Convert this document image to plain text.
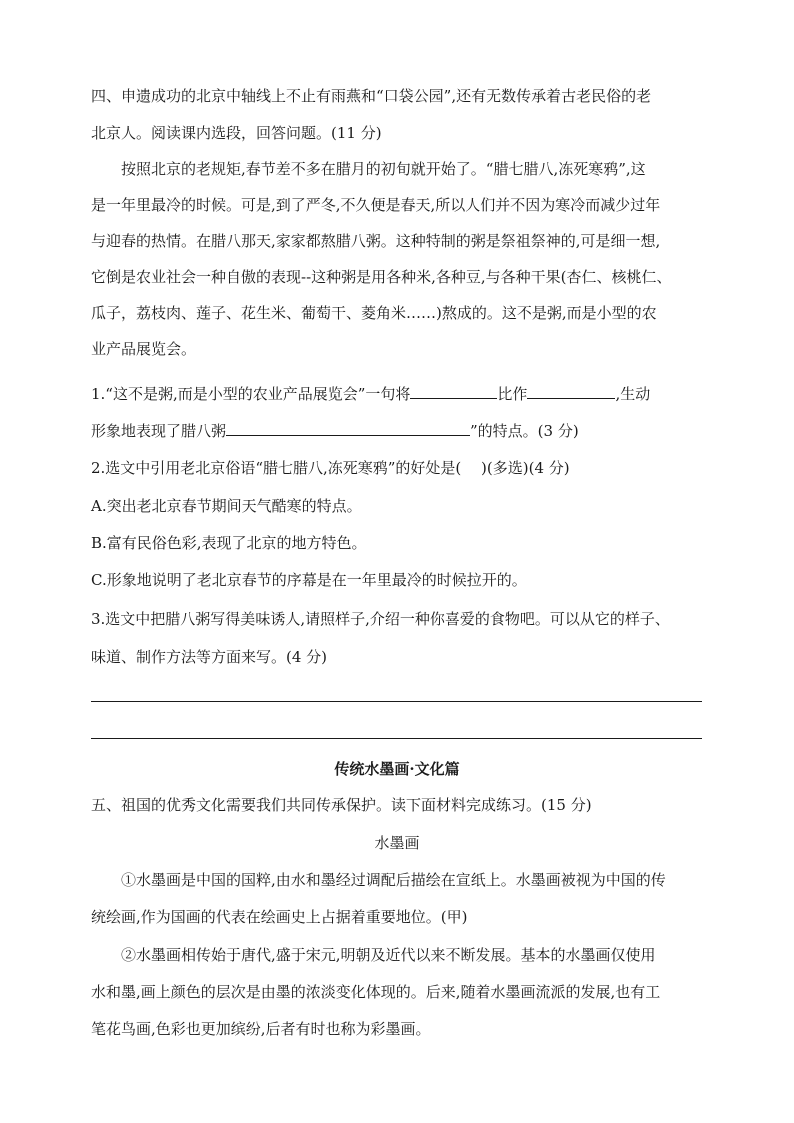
四、申遗成功的北京中轴线上不止有雨燕和“口袋公园”,还有无数传承着古老民俗的老
北京人。阅读课内选段，回答问题。(11 分)
按照北京的老规矩,春节差不多在腊月的初旬就开始了。“腊七腊八,冻死寒鸦”,这
是一年里最冷的时候。可是,到了严冬,不久便是春天,所以人们并不因为寒冷而减少过年
与迎春的热情。在腊八那天,家家都熬腊八粥。这种特制的粥是祭祖祭神的,可是细一想,
它倒是农业社会一种自傲的表现--这种粥是用各种米,各种豆,与各种干果(杏仁、核桃仁、
瓜子，荔枝肉、莲子、花生米、葡萄干、菱角米……)熬成的。这不是粥,而是小型的农
业产品展览会。
1.“这不是粥,而是小型的农业产品展览会”一句将	比作	,生动
形象地表现了腊八粥	”的特点。(3 分)
2.选文中引用老北京俗语“腊七腊八,冻死寒鸦”的好处是(　 )(多选)(4 分)
A.突出老北京春节期间天气酷寒的特点。
B.富有民俗色彩,表现了北京的地方特色。
C.形象地说明了老北京春节的序幕是在一年里最冷的时候拉开的。
3.选文中把腊八粥写得美味诱人,请照样子,介绍一种你喜爱的食物吧。可以从它的样子、
味道、制作方法等方面来写。(4 分)
传统水墨画·文化篇
五、祖国的优秀文化需要我们共同传承保护。读下面材料完成练习。(15 分)
水墨画
①水墨画是中国的国粹,由水和墨经过调配后描绘在宣纸上。水墨画被视为中国的传
统绘画,作为国画的代表在绘画史上占据着重要地位。(甲)
②水墨画相传始于唐代,盛于宋元,明朝及近代以来不断发展。基本的水墨画仅使用
水和墨,画上颜色的层次是由墨的浓淡变化体现的。后来,随着水墨画流派的发展,也有工
笔花鸟画,色彩也更加缤纷,后者有时也称为彩墨画。
